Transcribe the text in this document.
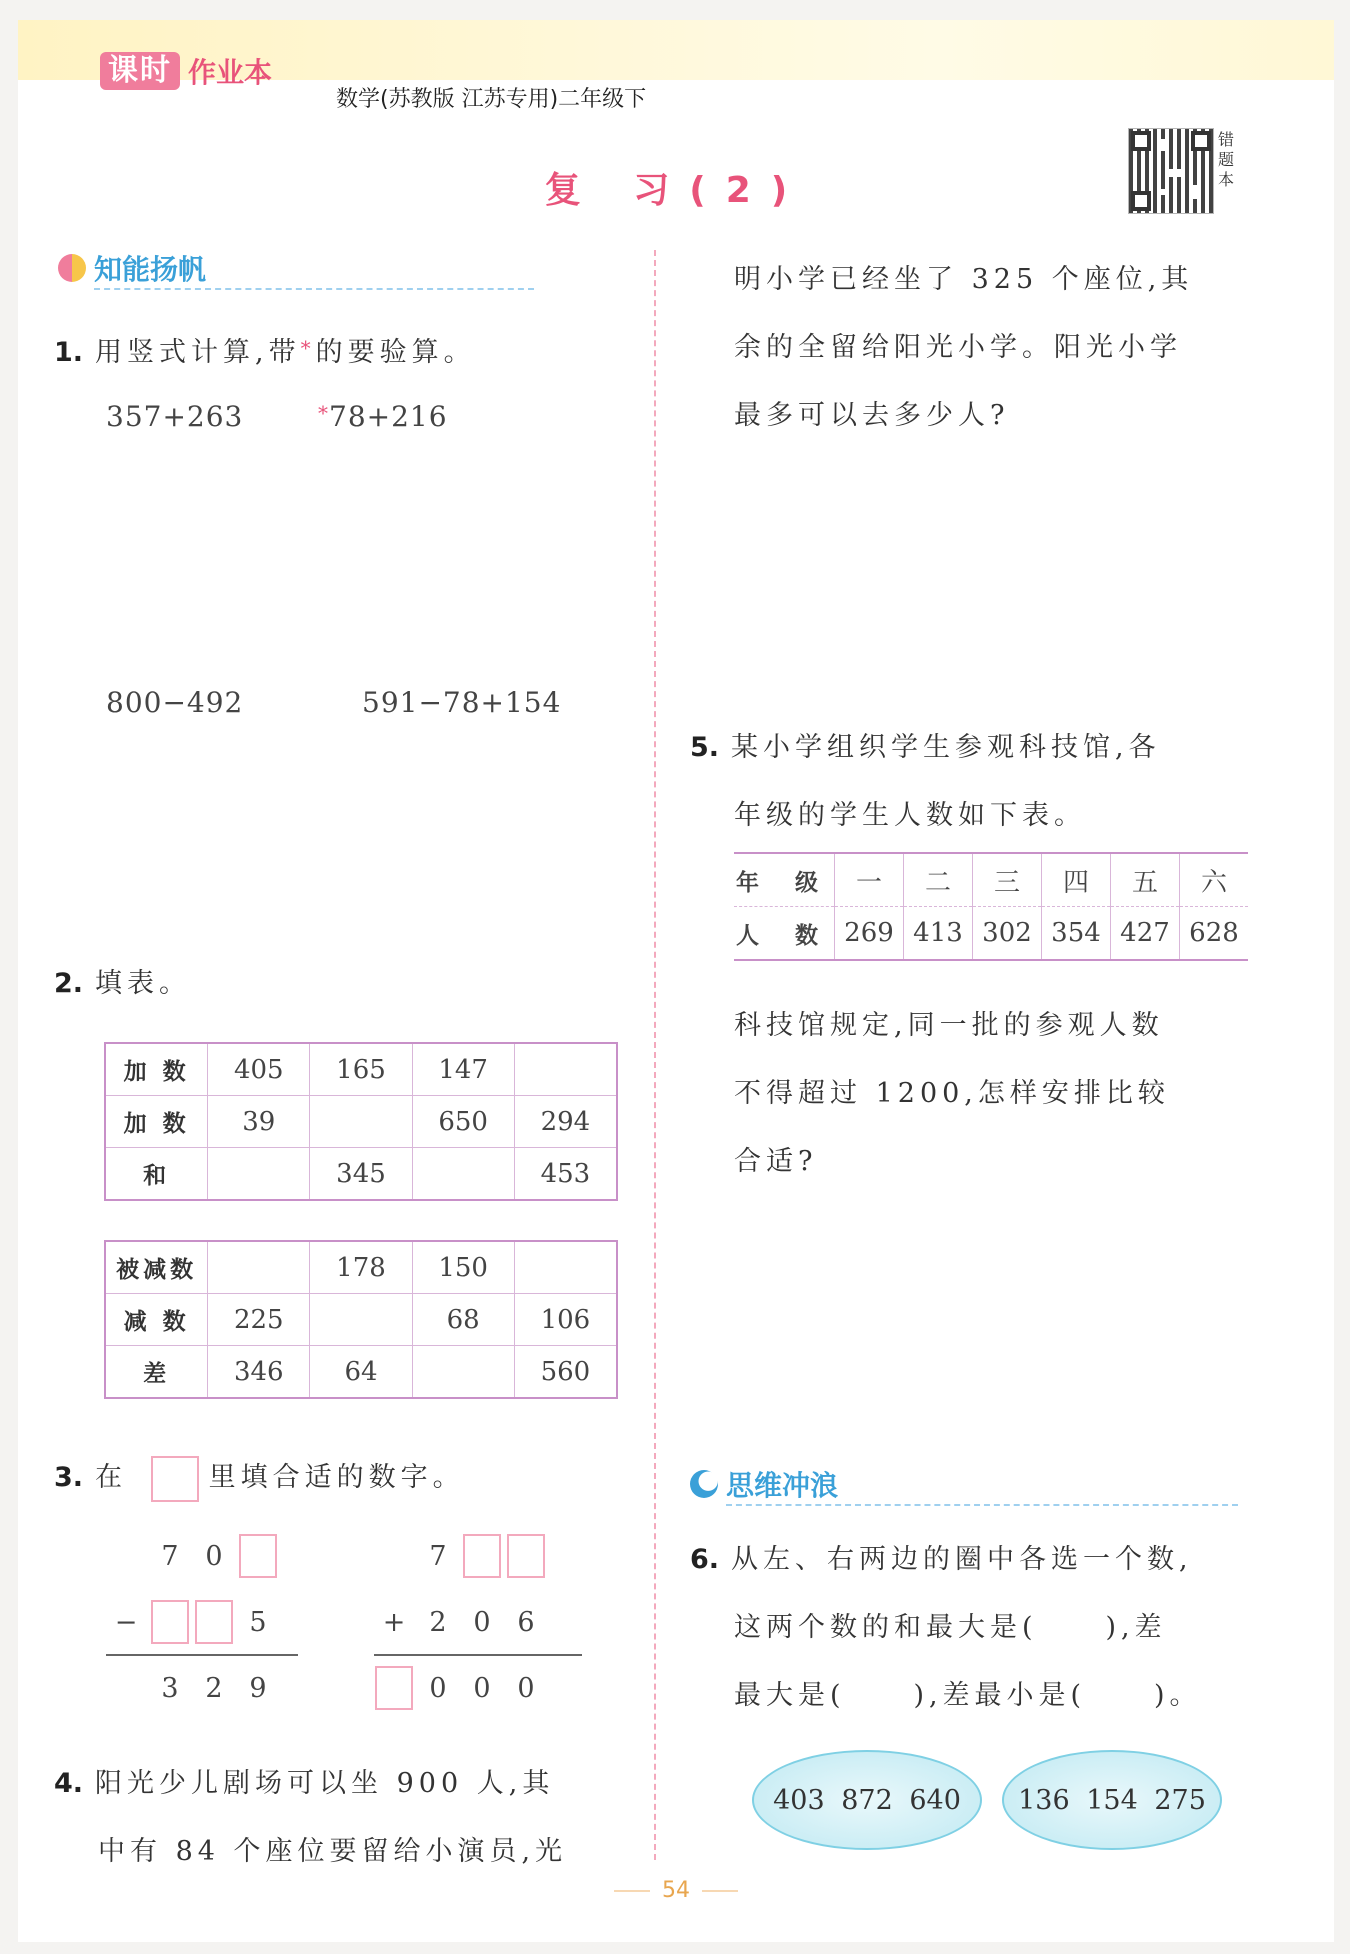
课时 作业本
数学(苏教版 江苏专用)二年级下
复 习(2)
错题本
知能扬帆
1. 用竖式计算,带*的要验算。
357+263	*78+216
800−492	591−78+154
2. 填表。
加 数	405	165	147	
加 数	39		650	294
和		345		453
被减数		178	150	
减 数	225		68	106
差	346	64		560
3. 在	里填合适的数字。
7 0
−	5
3 2 9
7
+ 2 0 6
0 0 0
4. 阳光少儿剧场可以坐 900 人,其
中有 84 个座位要留给小演员,光
明小学已经坐了 325 个座位,其
余的全留给阳光小学。阳光小学
最多可以去多少人?
5. 某小学组织学生参观科技馆,各
年级的学生人数如下表。
年 级	一	二	三	四	五	六
人 数	269	413	302	354	427	628
科技馆规定,同一批的参观人数
不得超过 1200,怎样安排比较
合适?
思维冲浪
6. 从左、右两边的圈中各选一个数,
这两个数的和最大是(     ),差
最大是(     ),差最小是(     )。
403 872 640	136 154 275
54
